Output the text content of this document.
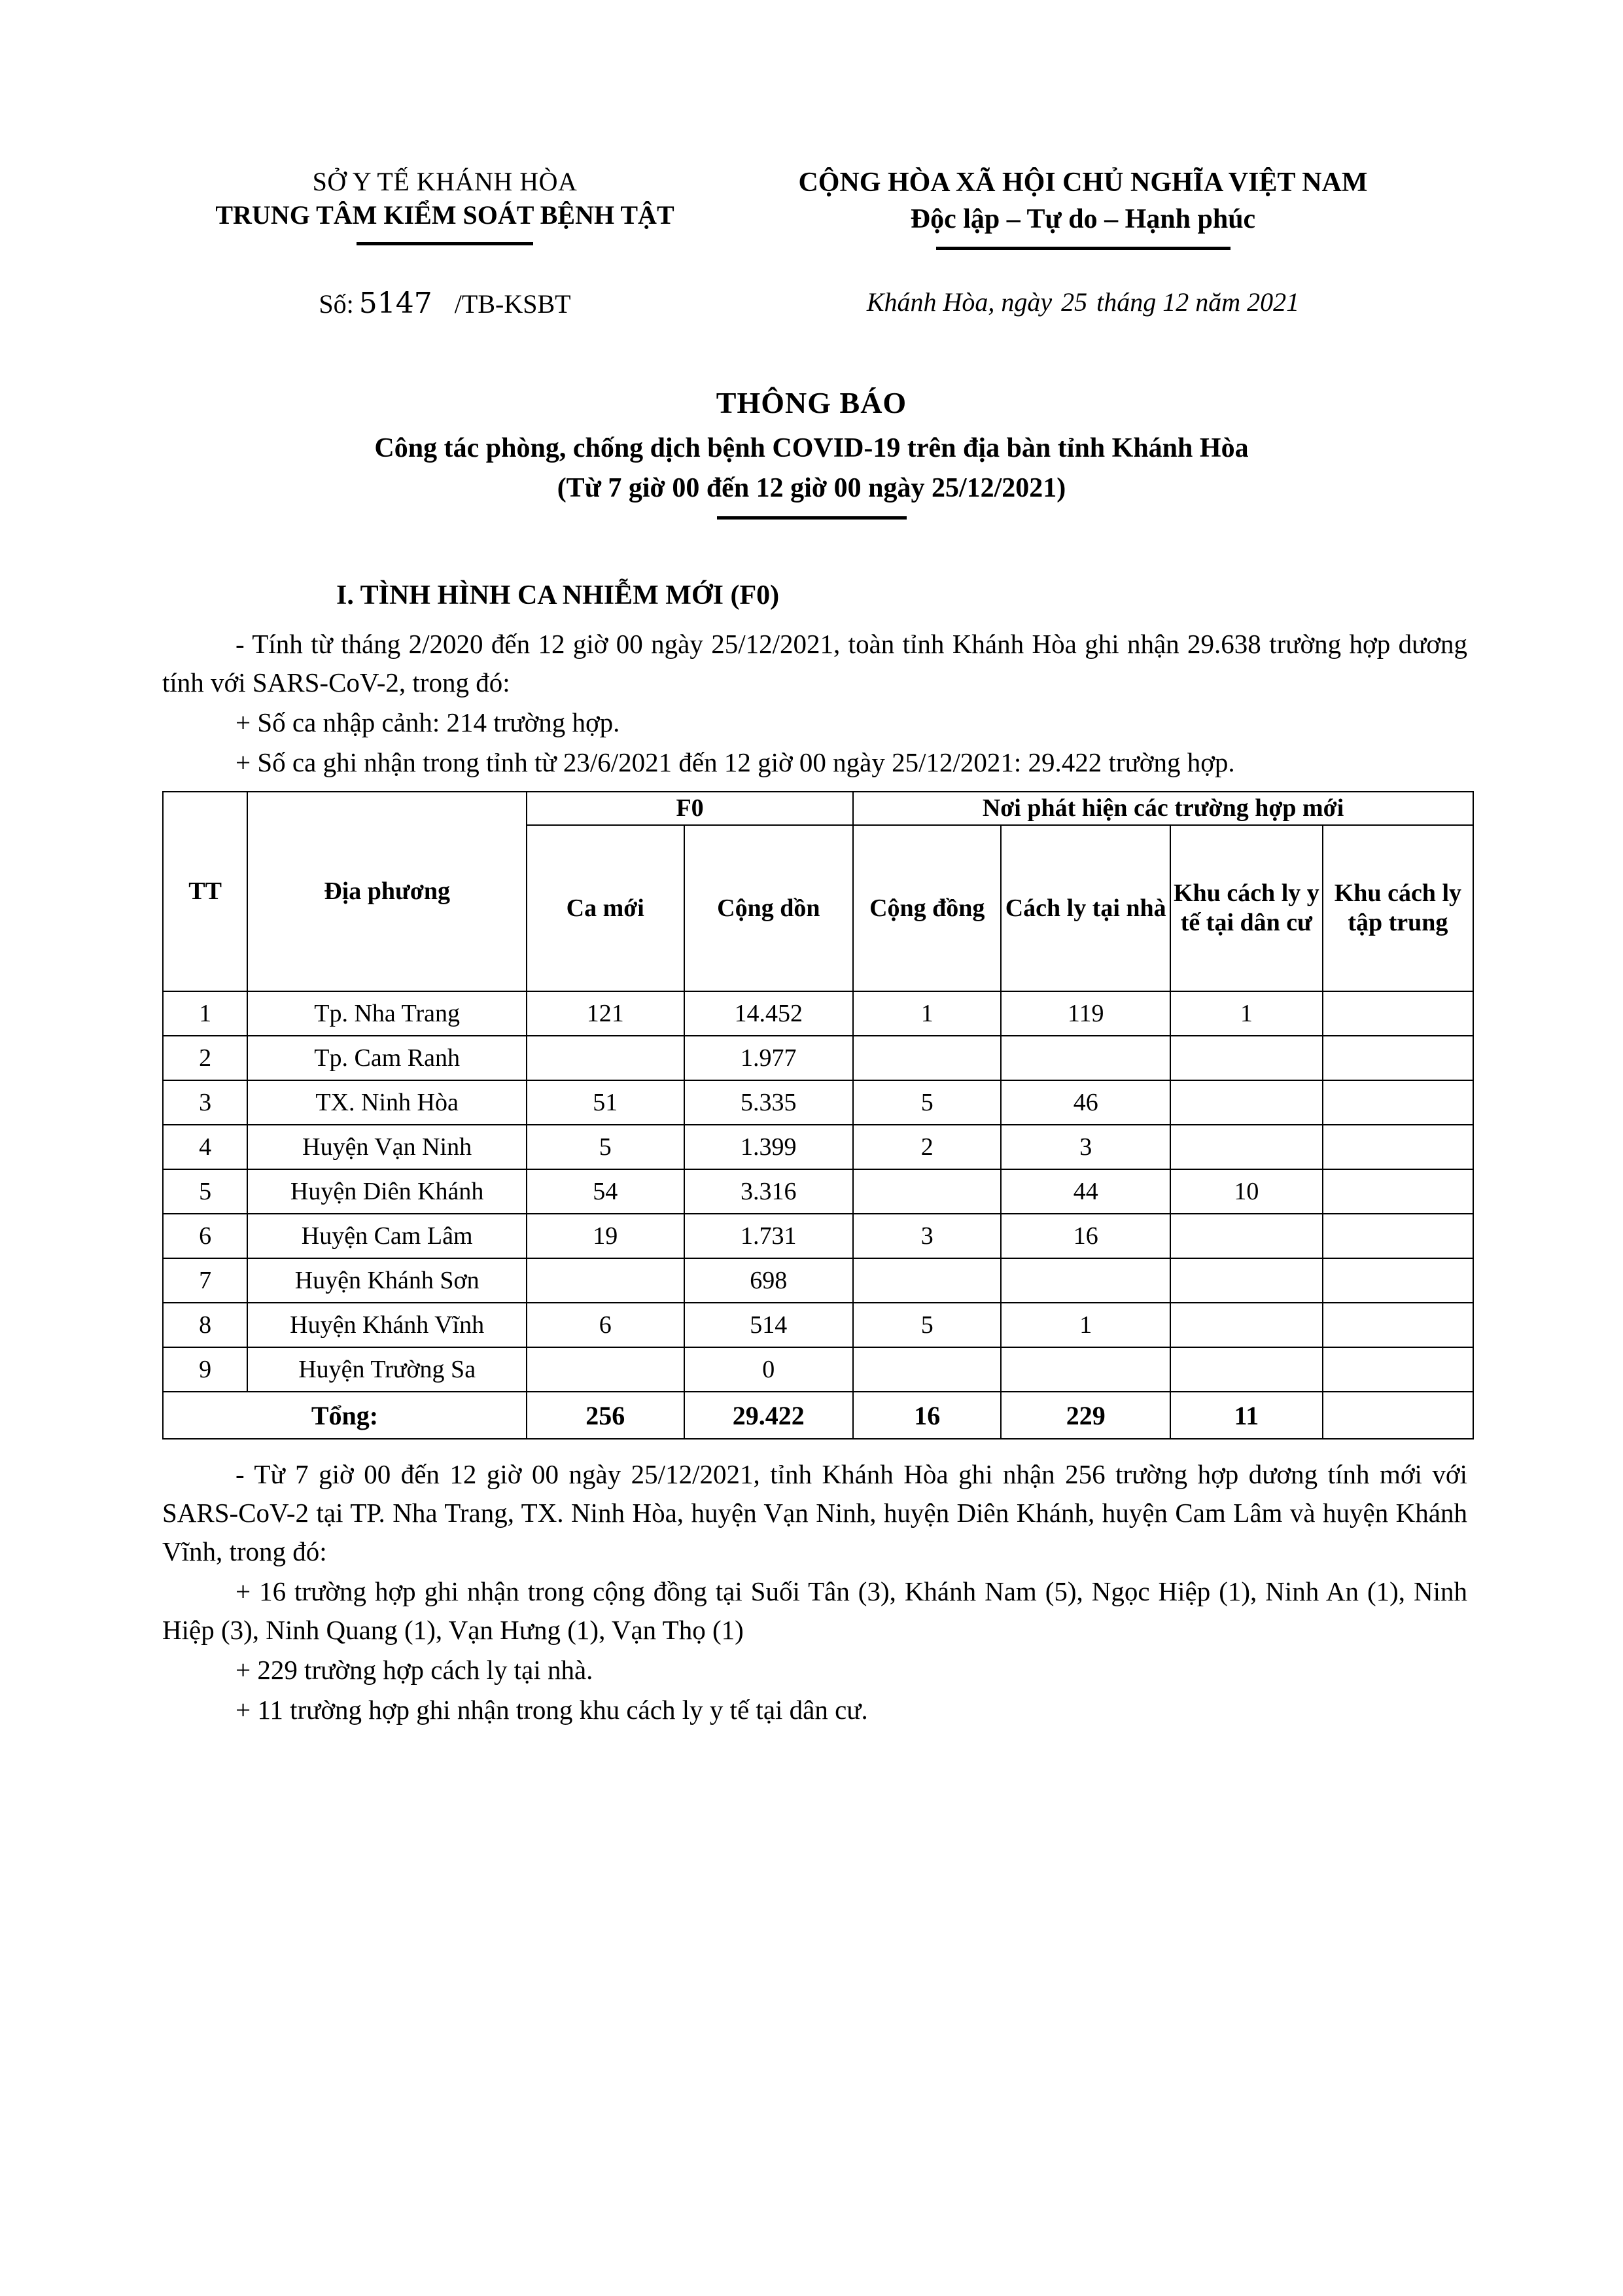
SỞ Y TẾ KHÁNH HÒA
TRUNG TÂM KIỂM SOÁT BỆNH TẬT
CỘNG HÒA XÃ HỘI CHỦ NGHĨA VIỆT NAM
Độc lập – Tự do – Hạnh phúc
Số: 5147 /TB-KSBT	Khánh Hòa, ngày 25 tháng 12 năm 2021
THÔNG BÁO
Công tác phòng, chống dịch bệnh COVID-19 trên địa bàn tỉnh Khánh Hòa
(Từ 7 giờ 00 đến 12 giờ 00 ngày 25/12/2021)
I. TÌNH HÌNH CA NHIỄM MỚI (F0)

- Tính từ tháng 2/2020 đến 12 giờ 00 ngày 25/12/2021, toàn tỉnh Khánh Hòa ghi nhận 29.638 trường hợp dương tính với SARS-CoV-2, trong đó:

+ Số ca nhập cảnh: 214 trường hợp.

+ Số ca ghi nhận trong tỉnh từ 23/6/2021 đến 12 giờ 00 ngày 25/12/2021: 29.422 trường hợp.

TT	Địa phương	F0		Nơi phát hiện các trường hợp mới			
		Ca mới	Cộng dồn	Cộng đồng	Cách ly tại nhà	Khu cách ly y tế tại dân cư	Khu cách ly tập trung
1	Tp. Nha Trang	121	14.452	1	119	1	
2	Tp. Cam Ranh		1.977				
3	TX. Ninh Hòa	51	5.335	5	46		
4	Huyện Vạn Ninh	5	1.399	2	3		
5	Huyện Diên Khánh	54	3.316		44	10	
6	Huyện Cam Lâm	19	1.731	3	16		
7	Huyện Khánh Sơn		698				
8	Huyện Khánh Vĩnh	6	514	5	1		
9	Huyện Trường Sa		0				
Tổng:		256	29.422	16	229	11	

- Từ 7 giờ 00 đến 12 giờ 00 ngày 25/12/2021, tỉnh Khánh Hòa ghi nhận 256 trường hợp dương tính mới với SARS-CoV-2 tại TP. Nha Trang, TX. Ninh Hòa, huyện Vạn Ninh, huyện Diên Khánh, huyện Cam Lâm và huyện Khánh Vĩnh, trong đó:

+ 16 trường hợp ghi nhận trong cộng đồng tại Suối Tân (3), Khánh Nam (5), Ngọc Hiệp (1), Ninh An (1), Ninh Hiệp (3), Ninh Quang (1), Vạn Hưng (1), Vạn Thọ (1)

+ 229 trường hợp cách ly tại nhà.

+ 11 trường hợp ghi nhận trong khu cách ly y tế tại dân cư.
